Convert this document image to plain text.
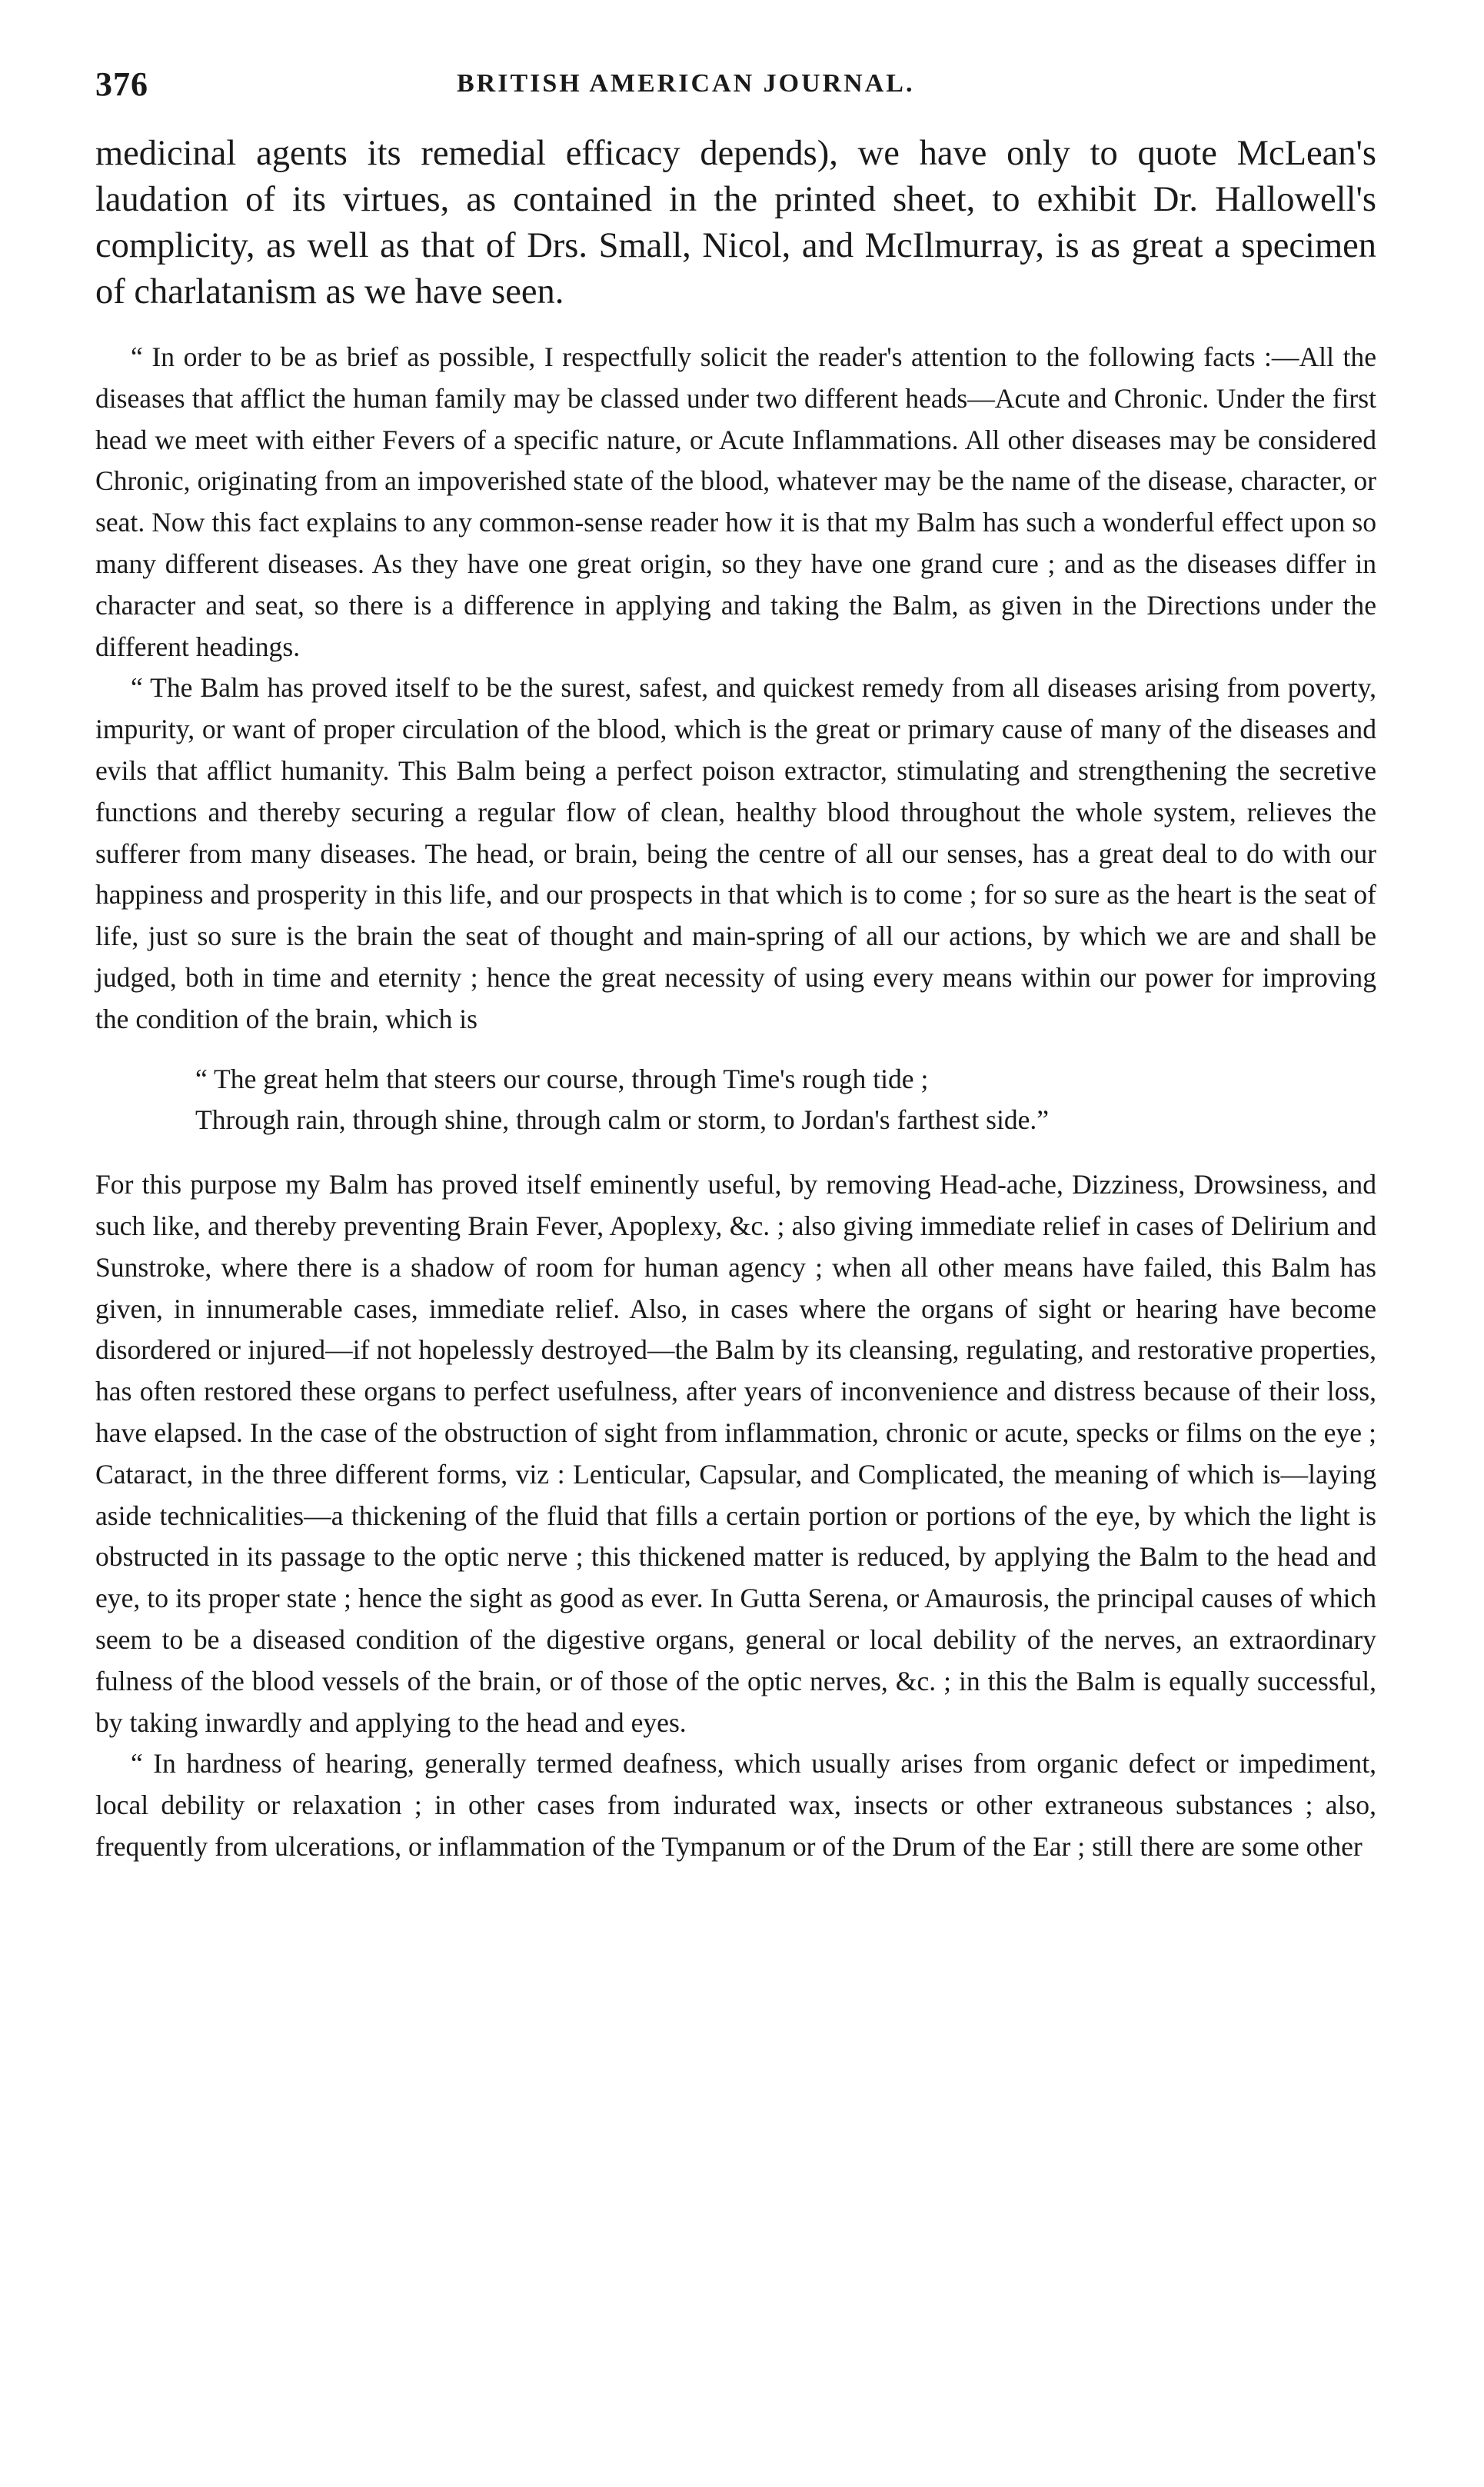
376	BRITISH AMERICAN JOURNAL.

medicinal agents its remedial efficacy depends), we have only to quote McLean's laudation of its virtues, as contained in the printed sheet, to exhibit Dr. Hallowell's complicity, as well as that of Drs. Small, Nicol, and McIlmurray, is as great a specimen of charlatanism as we have seen.

“ In order to be as brief as possible, I respectfully solicit the reader's attention to the following facts :—All the diseases that afflict the human family may be classed under two different heads—Acute and Chronic. Under the first head we meet with either Fevers of a specific nature, or Acute Inflammations. All other diseases may be considered Chronic, originating from an impoverished state of the blood, whatever may be the name of the disease, character, or seat. Now this fact explains to any common-sense reader how it is that my Balm has such a wonderful effect upon so many different diseases. As they have one great origin, so they have one grand cure ; and as the diseases differ in character and seat, so there is a difference in applying and taking the Balm, as given in the Directions under the different headings.

“ The Balm has proved itself to be the surest, safest, and quickest remedy from all diseases arising from poverty, impurity, or want of proper circulation of the blood, which is the great or primary cause of many of the diseases and evils that afflict humanity. This Balm being a perfect poison extractor, stimulating and strengthening the secretive functions and thereby securing a regular flow of clean, healthy blood throughout the whole system, relieves the sufferer from many diseases. The head, or brain, being the centre of all our senses, has a great deal to do with our happiness and prosperity in this life, and our prospects in that which is to come ; for so sure as the heart is the seat of life, just so sure is the brain the seat of thought and main-spring of all our actions, by which we are and shall be judged, both in time and eternity ; hence the great necessity of using every means within our power for improving the condition of the brain, which is

“ The great helm that steers our course, through Time's rough tide ;
Through rain, through shine, through calm or storm, to Jordan's farthest side.”

For this purpose my Balm has proved itself eminently useful, by removing Head-ache, Dizziness, Drowsiness, and such like, and thereby preventing Brain Fever, Apoplexy, &c. ; also giving immediate relief in cases of Delirium and Sunstroke, where there is a shadow of room for human agency ; when all other means have failed, this Balm has given, in innumerable cases, immediate relief. Also, in cases where the organs of sight or hearing have become disordered or injured—if not hopelessly destroyed—the Balm by its cleansing, regulating, and restorative properties, has often restored these organs to perfect usefulness, after years of inconvenience and distress because of their loss, have elapsed. In the case of the obstruction of sight from inflammation, chronic or acute, specks or films on the eye ; Cataract, in the three different forms, viz : Lenticular, Capsular, and Complicated, the meaning of which is—laying aside technicalities—a thickening of the fluid that fills a certain portion or portions of the eye, by which the light is obstructed in its passage to the optic nerve ; this thickened matter is reduced, by applying the Balm to the head and eye, to its proper state ; hence the sight as good as ever. In Gutta Serena, or Amaurosis, the principal causes of which seem to be a diseased condition of the digestive organs, general or local debility of the nerves, an extraordinary fulness of the blood vessels of the brain, or of those of the optic nerves, &c. ; in this the Balm is equally successful, by taking inwardly and applying to the head and eyes.

“ In hardness of hearing, generally termed deafness, which usually arises from organic defect or impediment, local debility or relaxation ; in other cases from indurated wax, insects or other extraneous substances ; also, frequently from ulcerations, or inflammation of the Tympanum or of the Drum of the Ear ; still there are some other
